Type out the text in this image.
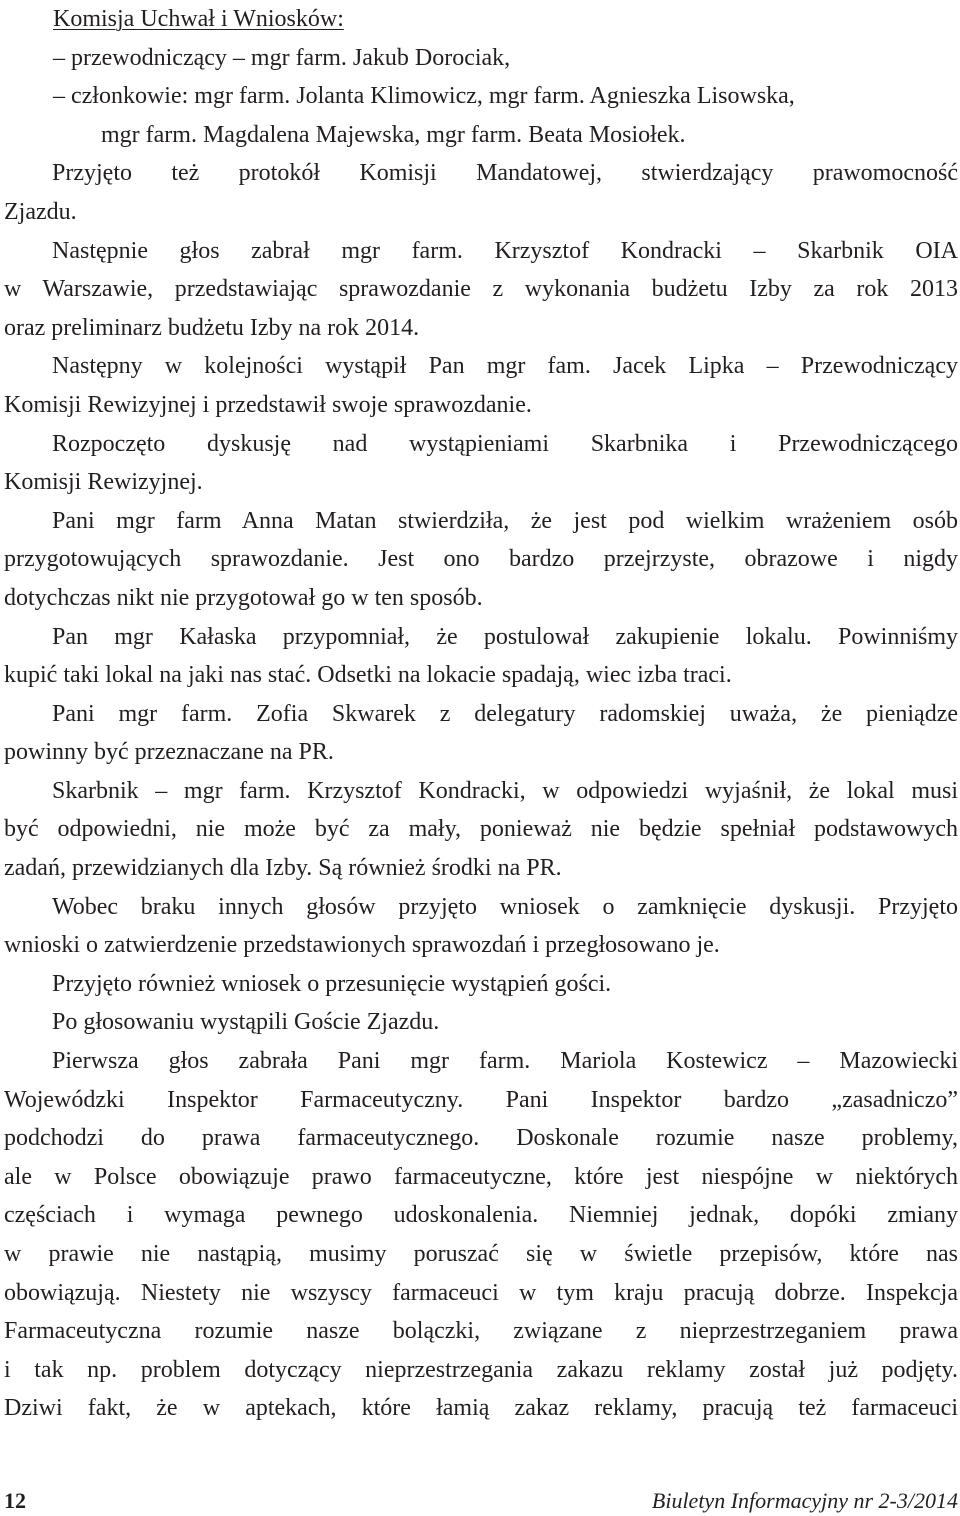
Komisja Uchwał i Wniosków:
– przewodniczący – mgr farm. Jakub Dorociak,
– członkowie: mgr farm. Jolanta Klimowicz, mgr farm. Agnieszka Lisowska,
mgr farm. Magdalena Majewska, mgr farm. Beata Mosiołek.

Przyjęto też protokół Komisji Mandatowej, stwierdzający prawomocność
Zjazdu.

Następnie głos zabrał mgr farm. Krzysztof Kondracki – Skarbnik OIA
w Warszawie, przedstawiając sprawozdanie z wykonania budżetu Izby za rok 2013
oraz preliminarz budżetu Izby na rok 2014.

Następny w kolejności wystąpił Pan mgr fam. Jacek Lipka – Przewodniczący
Komisji Rewizyjnej i przedstawił swoje sprawozdanie.

Rozpoczęto dyskusję nad wystąpieniami Skarbnika i Przewodniczącego
Komisji Rewizyjnej.

Pani mgr farm Anna Matan stwierdziła, że jest pod wielkim wrażeniem osób
przygotowujących sprawozdanie. Jest ono bardzo przejrzyste, obrazowe i nigdy
dotychczas nikt nie przygotował go w ten sposób.

Pan mgr Kałaska przypomniał, że postulował zakupienie lokalu. Powinniśmy
kupić taki lokal na jaki nas stać. Odsetki na lokacie spadają, wiec izba traci.

Pani mgr farm. Zofia Skwarek z delegatury radomskiej uważa, że pieniądze
powinny być przeznaczane na PR.

Skarbnik – mgr farm. Krzysztof Kondracki, w odpowiedzi wyjaśnił, że lokal musi
być odpowiedni, nie może być za mały, ponieważ nie będzie spełniał podstawowych
zadań, przewidzianych dla Izby. Są również środki na PR.

Wobec braku innych głosów przyjęto wniosek o zamknięcie dyskusji. Przyjęto
wnioski o zatwierdzenie przedstawionych sprawozdań i przegłosowano je.

Przyjęto również wniosek o przesunięcie wystąpień gości.

Po głosowaniu wystąpili Goście Zjazdu.

Pierwsza głos zabrała Pani mgr farm. Mariola Kostewicz – Mazowiecki
Wojewódzki Inspektor Farmaceutyczny. Pani Inspektor bardzo „zasadniczo”
podchodzi do prawa farmaceutycznego. Doskonale rozumie nasze problemy,
ale w Polsce obowiązuje prawo farmaceutyczne, które jest niespójne w niektórych
częściach i wymaga pewnego udoskonalenia. Niemniej jednak, dopóki zmiany
w prawie nie nastąpią, musimy poruszać się w świetle przepisów, które nas
obowiązują. Niestety nie wszyscy farmaceuci w tym kraju pracują dobrze. Inspekcja
Farmaceutyczna rozumie nasze bolączki, związane z nieprzestrzeganiem prawa
i tak np. problem dotyczący nieprzestrzegania zakazu reklamy został już podjęty.
Dziwi fakt, że w aptekach, które łamią zakaz reklamy, pracują też farmaceuci

12	Biuletyn Informacyjny nr 2-3/2014
